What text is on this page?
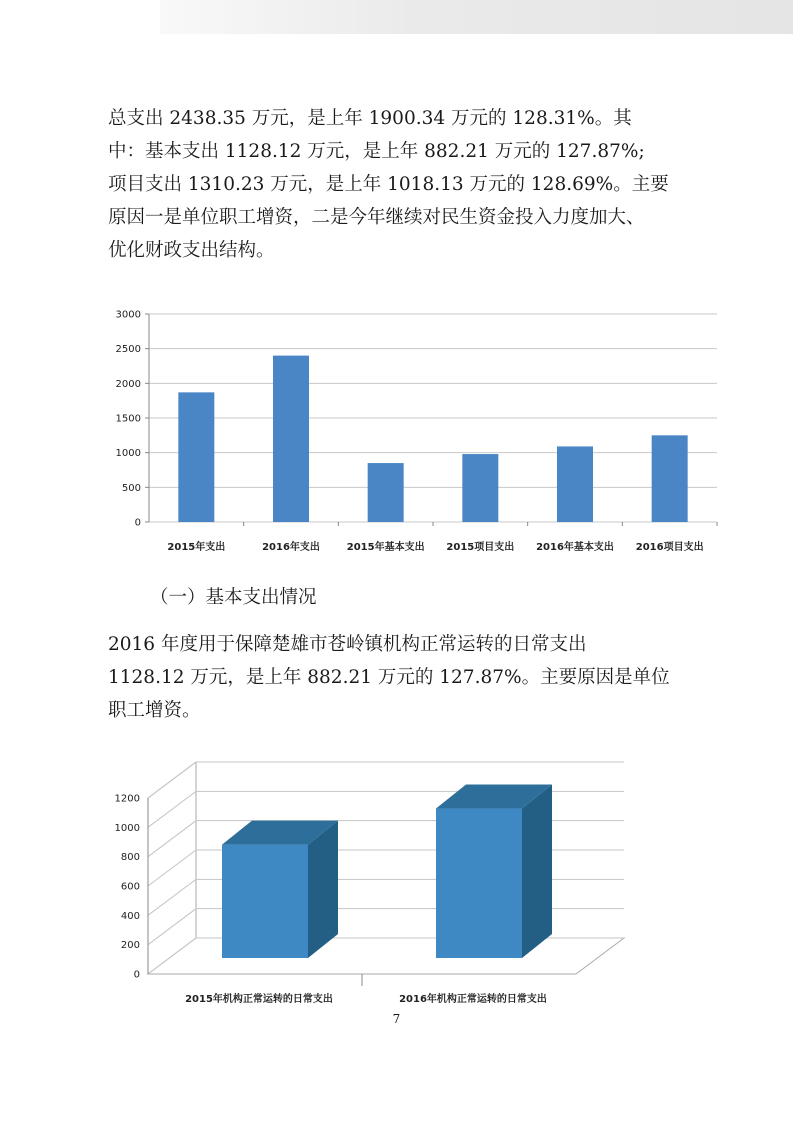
总支出 2438.35 万元，是上年 1900.34 万元的 128.31%。其
中：基本支出 1128.12 万元，是上年 882.21 万元的 127.87%;
项目支出 1310.23 万元，是上年 1018.13 万元的 128.69%。主要
原因一是单位职工增资，二是今年继续对民生资金投入力度加大、
优化财政支出结构。
0
500
1000
1500
2000
2500
3000
2015年支出	2016年支出	2015年基本支出 2015项目支出 2016年基本支出 2016项目支出

（一）基本支出情况

2016 年度用于保障楚雄市苍岭镇机构正常运转的日常支出
1128.12 万元，是上年 882.21 万元的 127.87%。主要原因是单位
职工增资。
0
200
400
600
800
1000
1200
2015年机构正常运转的日常支出	2016年机构正常运转的日常支出
7
